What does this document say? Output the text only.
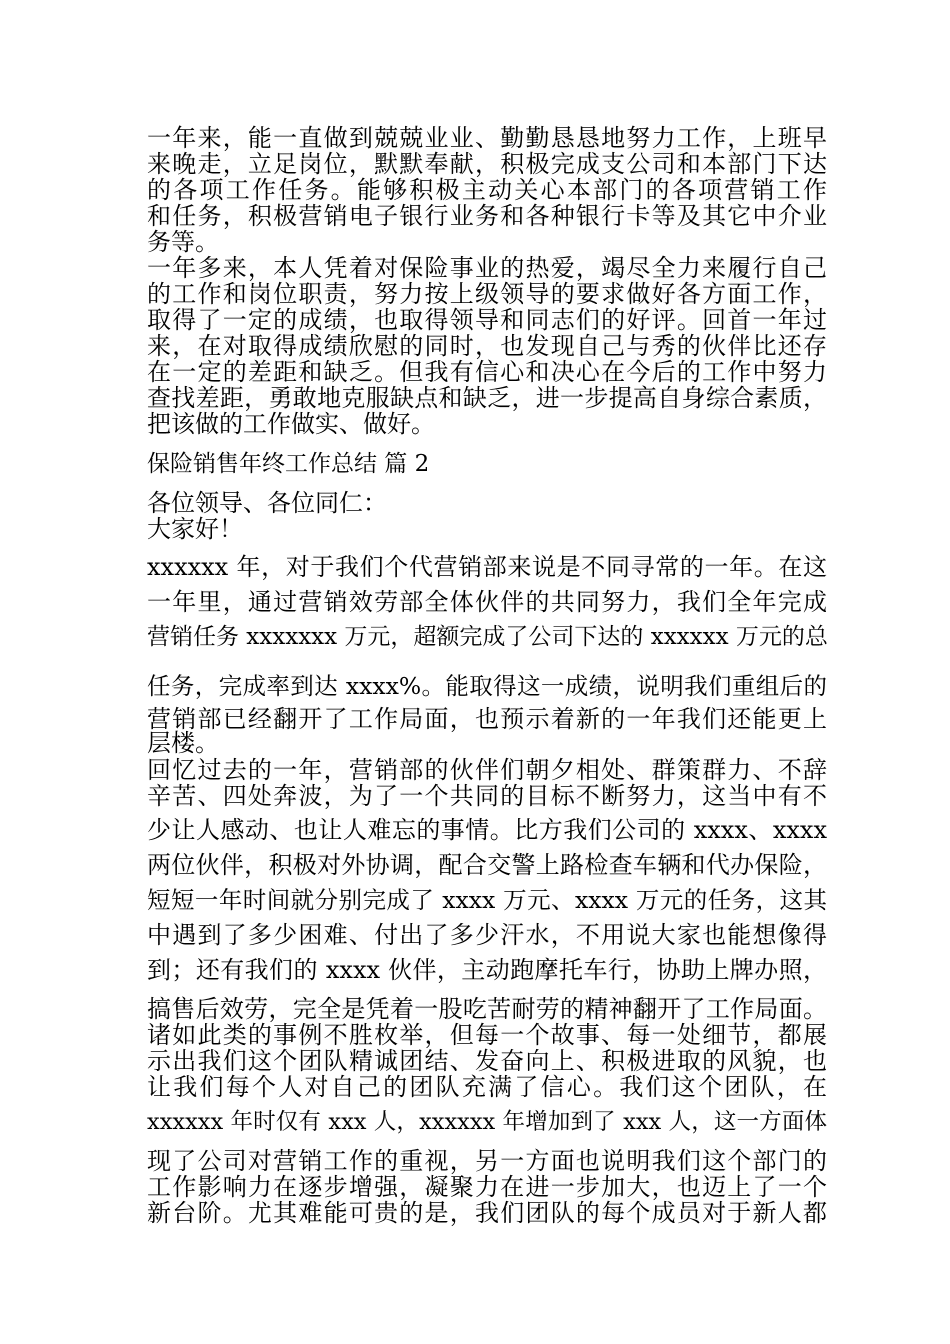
一年来，能一直做到兢兢业业、勤勤恳恳地努力工作，上班早
来晚走，立足岗位，默默奉献，积极完成支公司和本部门下达
的各项工作任务。能够积极主动关心本部门的各项营销工作
和任务，积极营销电子银行业务和各种银行卡等及其它中介业
务等。
一年多来，本人凭着对保险事业的热爱，竭尽全力来履行自己
的工作和岗位职责，努力按上级领导的要求做好各方面工作，
取得了一定的成绩，也取得领导和同志们的好评。回首一年过
来，在对取得成绩欣慰的同时，也发现自己与秀的伙伴比还存
在一定的差距和缺乏。但我有信心和决心在今后的工作中努力
查找差距，勇敢地克服缺点和缺乏，进一步提高自身综合素质，
把该做的工作做实、做好。
保险销售年终工作总结 篇 2
各位领导、各位同仁：
大家好！
xxxxxx 年，对于我们个代营销部来说是不同寻常的一年。在这
一年里，通过营销效劳部全体伙伴的共同努力，我们全年完成
营销任务 xxxxxxx 万元，超额完成了公司下达的 xxxxxx 万元的总
任务，完成率到达 xxxx%。能取得这一成绩，说明我们重组后的
营销部已经翻开了工作局面，也预示着新的一年我们还能更上
层楼。
回忆过去的一年，营销部的伙伴们朝夕相处、群策群力、不辞
辛苦、四处奔波，为了一个共同的目标不断努力，这当中有不
少让人感动、也让人难忘的事情。比方我们公司的 xxxx、xxxx
两位伙伴，积极对外协调，配合交警上路检查车辆和代办保险，
短短一年时间就分别完成了 xxxx 万元、xxxx 万元的任务，这其
中遇到了多少困难、付出了多少汗水，不用说大家也能想像得
到；还有我们的 xxxx 伙伴，主动跑摩托车行，协助上牌办照，
搞售后效劳，完全是凭着一股吃苦耐劳的精神翻开了工作局面。
诸如此类的事例不胜枚举，但每一个故事、每一处细节，都展
示出我们这个团队精诚团结、发奋向上、积极进取的风貌，也
让我们每个人对自己的团队充满了信心。我们这个团队，在
xxxxxx 年时仅有 xxx 人，xxxxxx 年增加到了 xxx 人，这一方面体
现了公司对营销工作的重视，另一方面也说明我们这个部门的
工作影响力在逐步增强，凝聚力在进一步加大，也迈上了一个
新台阶。尤其难能可贵的是，我们团队的每个成员对于新人都
